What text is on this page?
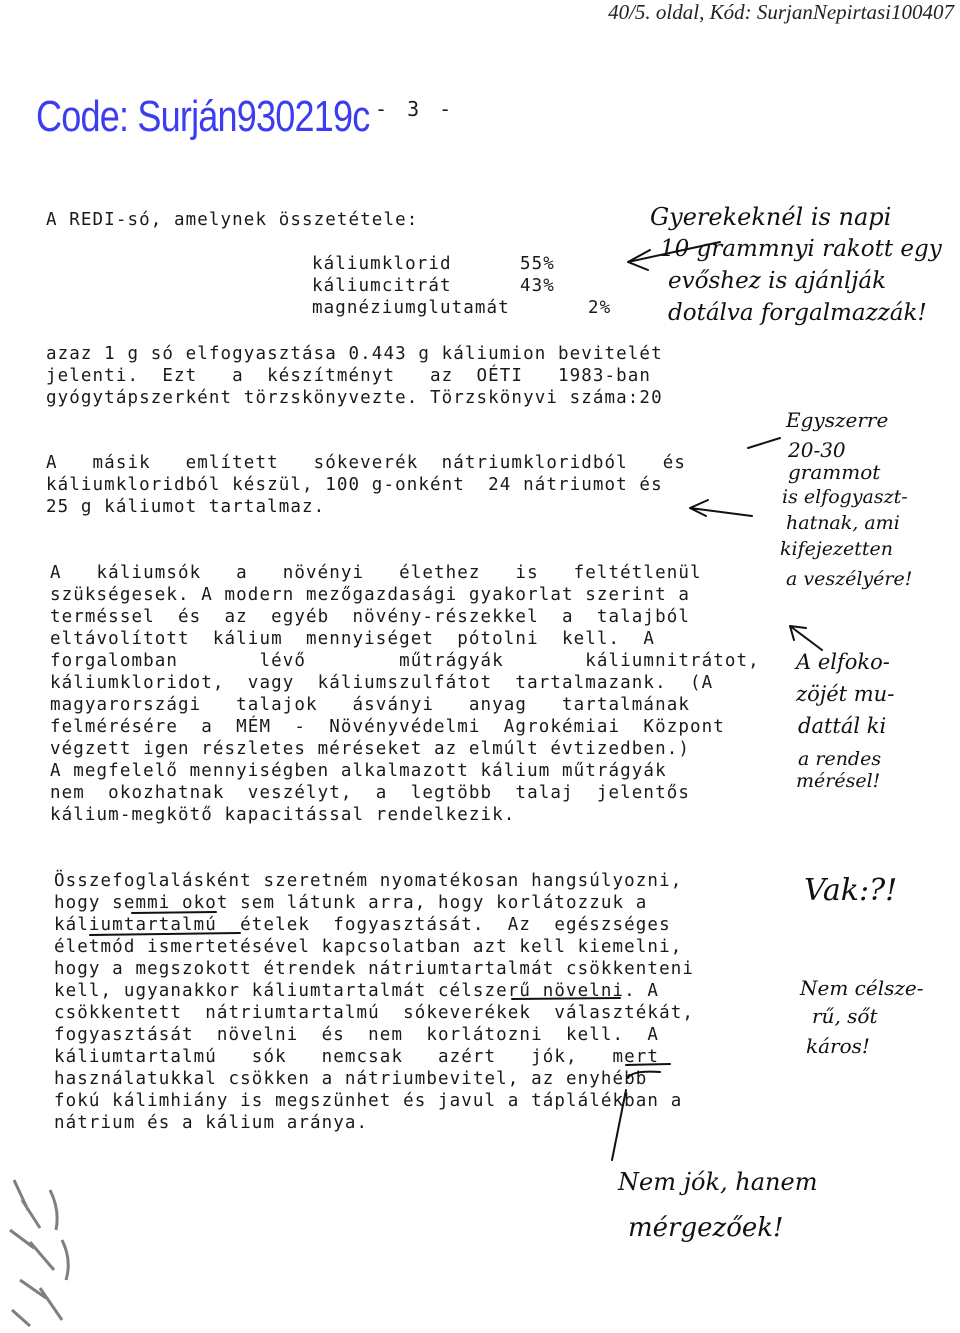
40/5. oldal, Kód: SurjanNepirtasi100407
Code: Surján930219c - 3 -
A REDI-só, amelynek összetétele:
káliumklorid	55%
káliumcitrát	43%
magnéziumglutamát	2%
azaz 1 g só elfogyasztása 0.443 g káliumion bevitelét
jelenti.  Ezt   a  készítményt   az  OÉTI   1983-ban
gyógytápszerként törzskönyvezte. Törzskönyvi száma:20
A   másik   említett   sókeverék  nátriumkloridból   és
káliumkloridból készül, 100 g-onként  24 nátriumot és
25 g káliumot tartalmaz.
A   káliumsók   a   növényi   élethez   is   feltétlenül
szükségesek. A modern mezőgazdasági gyakorlat szerint a
terméssel  és  az  egyéb  növény-részekkel  a  talajból
eltávolított  kálium  mennyiséget  pótolni  kell.  A
forgalomban       lévő        műtrágyák       káliumnitrátot,
káliumkloridot,  vagy  káliumszulfátot  tartalmazank.  (A
magyarországi   talajok   ásványi   anyag   tartalmának
felmérésére  a  MÉM  -  Növényvédelmi  Agrokémiai  Központ
végzett igen részletes méréseket az elmúlt évtizedben.)
A megfelelő mennyiségben alkalmazott kálium műtrágyák
nem  okozhatnak  veszélyt,  a  legtöbb  talaj  jelentős
kálium-megkötő kapacitással rendelkezik.
Összefoglalásként szeretném nyomatékosan hangsúlyozni,
hogy semmi okot sem látunk arra, hogy korlátozzuk a
káliumtartalmú  ételek  fogyasztását.  Az  egészséges
életmód ismertetésével kapcsolatban azt kell kiemelni,
hogy a megszokott étrendek nátriumtartalmát csökkenteni
kell, ugyanakkor káliumtartalmát célszerű növelni. A
csökkentett  nátriumtartalmú  sókeverékek  választékát,
fogyasztását  növelni  és  nem  korlátozni  kell.  A
káliumtartalmú   sók   nemcsak   azért   jók,   mert
használatukkal csökken a nátriumbevitel, az enyhébb
fokú kálimhiány is megszünhet és javul a táplálékban a
nátrium és a kálium aránya.
Gyerekeknél is napi
10 grammnyi rakott egy
evőshez is ajánlják
dotálva forgalmazzák!
Egyszerre
20-30
grammot
is elfogyaszt-
hatnak, ami
kifejezetten
a veszélyére!
A elfoko-
zöjét mu-
dattál ki
a rendes
mérésel!
Vak:?!
Nem célsze-
rű, sőt
káros!
Nem jók, hanem
mérgezőek!
